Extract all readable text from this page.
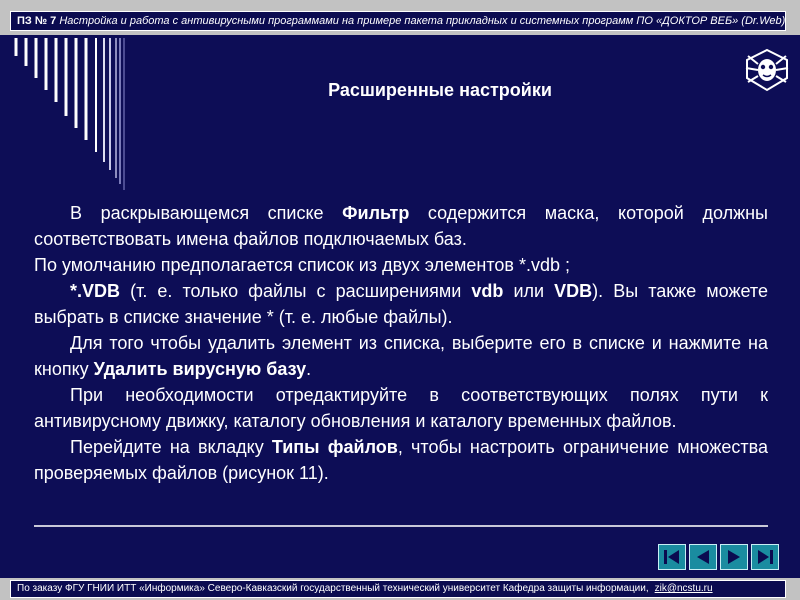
ПЗ № 7 Настройка и работа с антивирусными программами на примере пакета прикладных и системных программ ПО «ДОКТОР ВЕБ» (Dr.Web)
Расширенные настройки

В раскрывающемся списке Фильтр содержится маска, которой должны соответствовать имена файлов подключаемых баз.

По умолчанию предполагается список из двух элементов *.vdb ;

*.VDB (т. е. только файлы с расширениями vdb или VDB). Вы также можете выбрать в списке значение * (т. е. любые файлы).

Для того чтобы удалить элемент из списка, выберите его в списке и нажмите на кнопку Удалить вирусную базу.

При необходимости отредактируйте в соответствующих полях пути к антивирусному движку, каталогу обновления и каталогу временных файлов.

Перейдите на вкладку Типы файлов, чтобы настроить ограничение множества проверяемых файлов (рисунок 11).

По заказу ФГУ ГНИИ ИТТ «Информика» Северо-Кавказский государственный технический университет Кафедра защиты информации, zik@ncstu.ru
